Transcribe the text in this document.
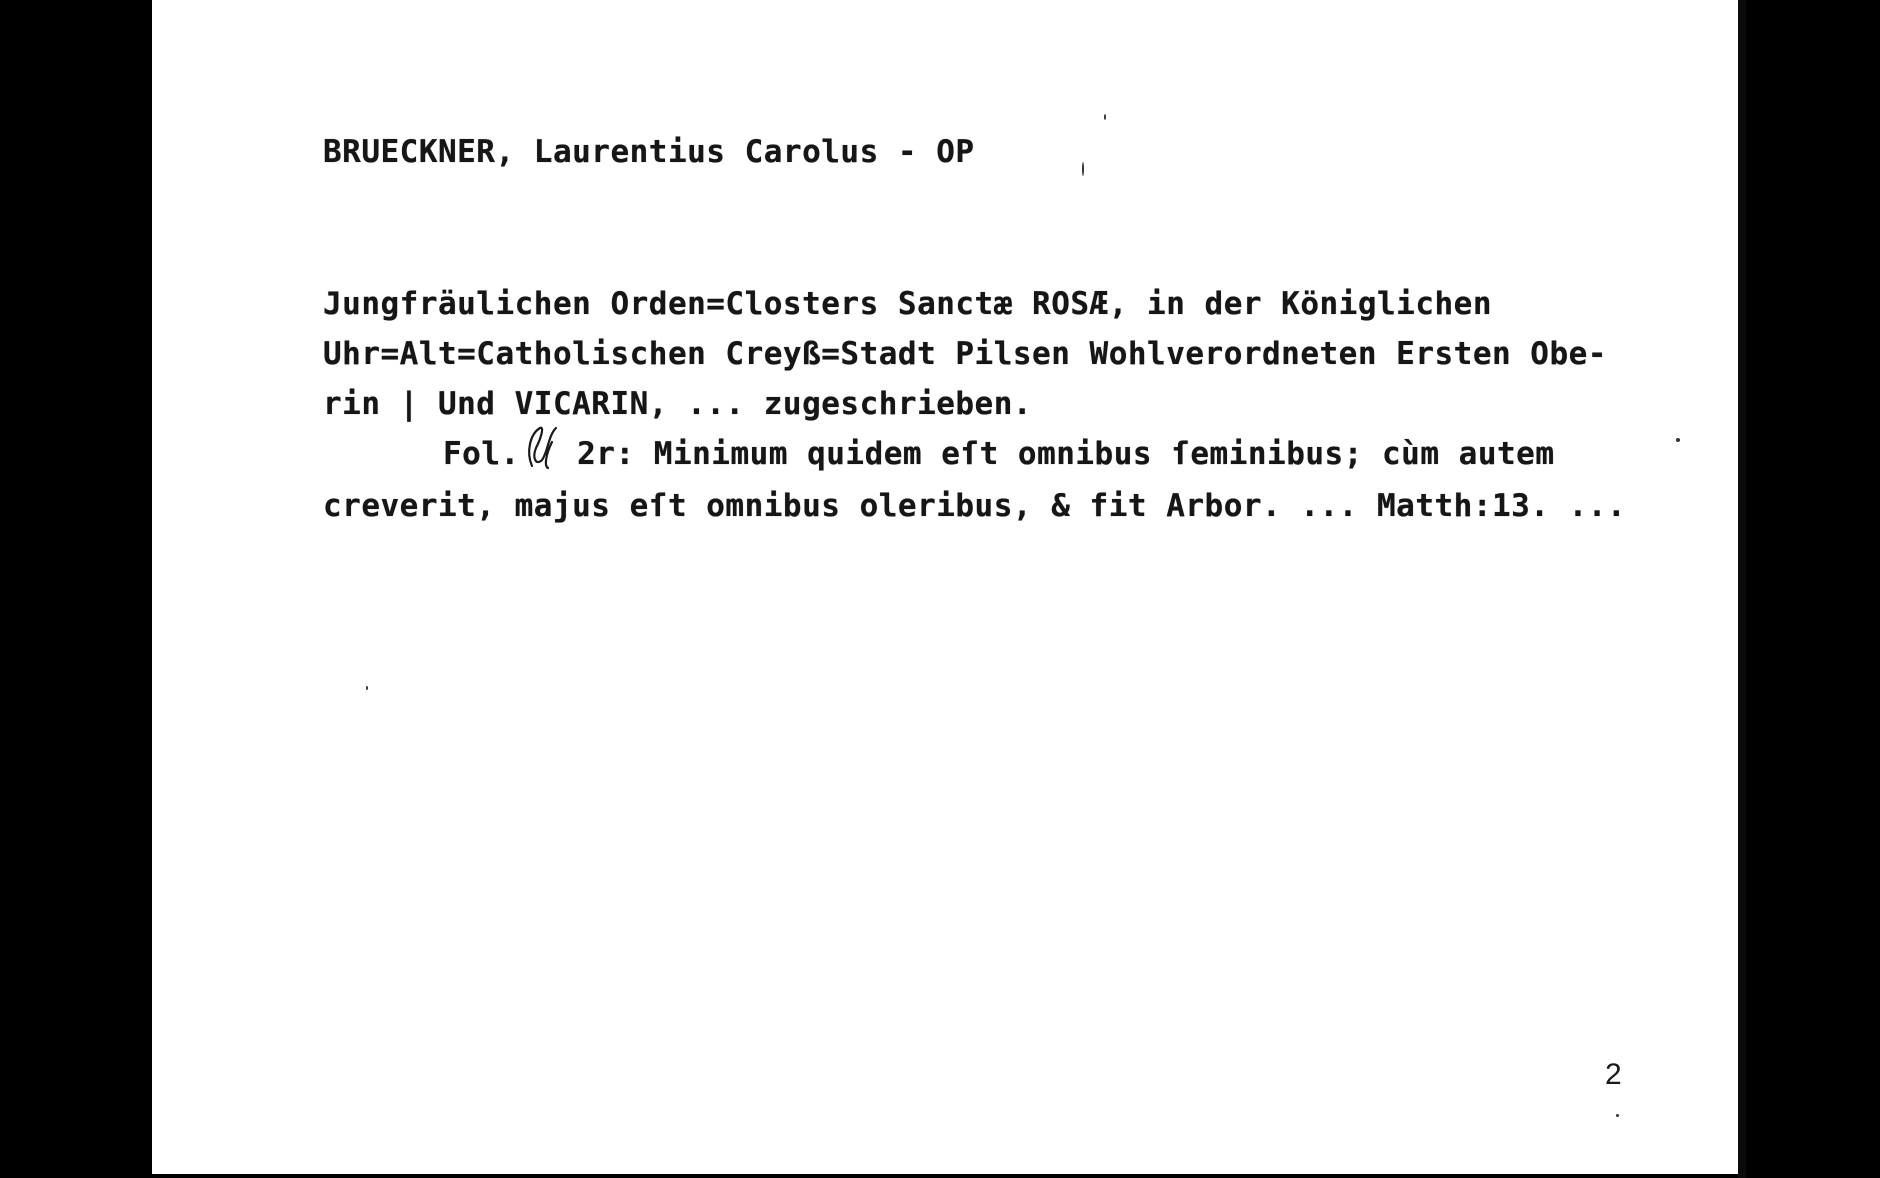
BRUECKNER, Laurentius Carolus - OP
Jungfräulichen Orden=Closters Sanctæ ROSÆ, in der Königlichen
Uhr=Alt=Catholischen Creyß=Stadt Pilsen Wohlverordneten Ersten Obe-
rin | Und VICARIN, ... zugeschrieben.
Fol.   2r: Minimum quidem eſt omnibus ſeminibus; cùm autem
creverit, majus eſt omnibus oleribus, & fit Arbor. ... Matth:13. ...
2
